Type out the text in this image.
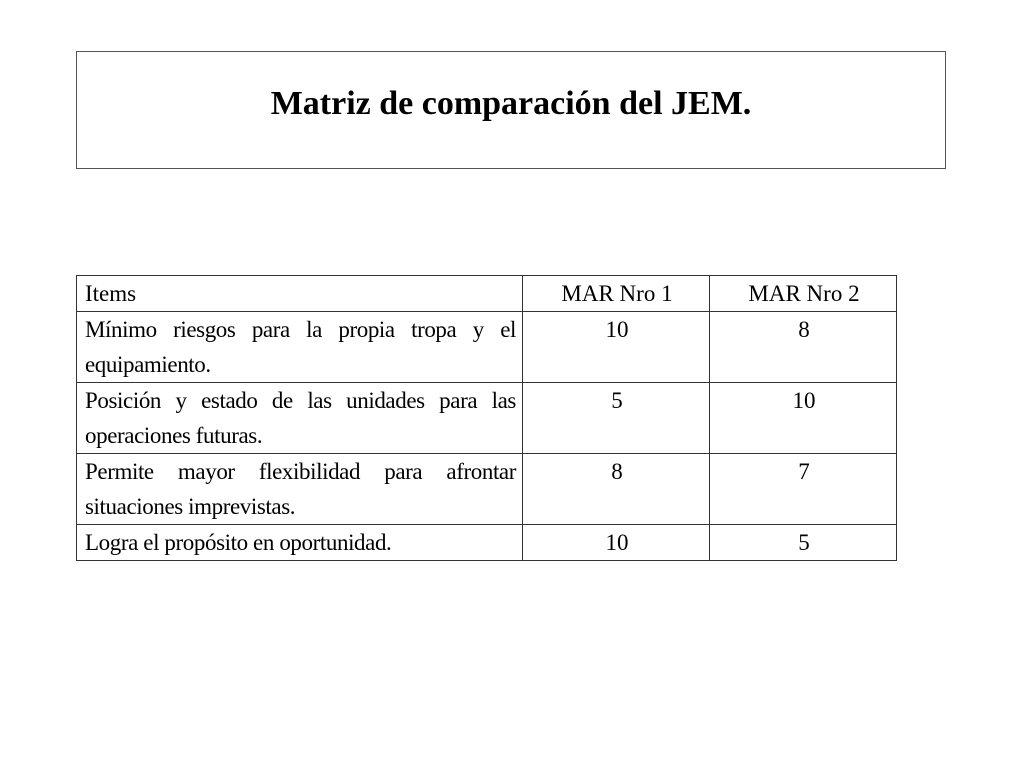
Matriz de comparación del JEM.
Items	MAR Nro 1	MAR Nro 2
Mínimo riesgos para la propia tropa y el equipamiento.	10	8
Posición y estado de las unidades para las operaciones futuras.	5	10
Permite mayor flexibilidad para afrontar situaciones imprevistas.	8	7
Logra el propósito en oportunidad.	10	5
